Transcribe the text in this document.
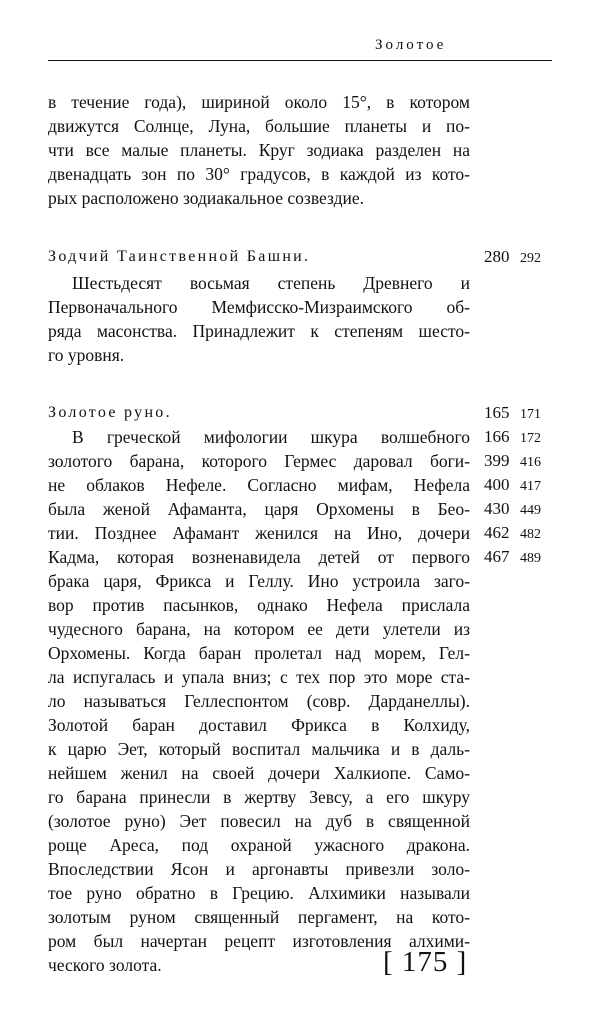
Золотое
в течение года), шириной около 15°, в котором
движутся Солнце, Луна, большие планеты и по-
чти все малые планеты. Круг зодиака разделен на
двенадцать зон по 30° градусов, в каждой из кото-
рых расположено зодиакальное созвездие.
Зодчий Таинственной Башни.	280 292
Шестьдесят восьмая степень Древнего и
Первоначального Мемфисско-Мизраимского об-
ряда масонства. Принадлежит к степеням шесто-
го уровня.
Золотое руно.	165 171
166 172
399 416
400 417
430 449
462 482
467 489
В греческой мифологии шкура волшебного
золотого барана, которого Гермес даровал боги-
не облаков Нефеле. Согласно мифам, Нефела
была женой Афаманта, царя Орхомены в Бео-
тии. Позднее Афамант женился на Ино, дочери
Кадма, которая возненавидела детей от первого
брака царя, Фрикса и Геллу. Ино устроила заго-
вор против пасынков, однако Нефела прислала
чудесного барана, на котором ее дети улетели из
Орхомены. Когда баран пролетал над морем, Гел-
ла испугалась и упала вниз; с тех пор это море ста-
ло называться Геллеспонтом (совр. Дарданеллы).
Золотой баран доставил Фрикса в Колхиду,
к царю Эет, который воспитал мальчика и в даль-
нейшем женил на своей дочери Халкиопе. Само-
го барана принесли в жертву Зевсу, а его шкуру
(золотое руно) Эет повесил на дуб в священной
роще Ареса, под охраной ужасного дракона.
Впоследствии Ясон и аргонавты привезли золо-
тое руно обратно в Грецию. Алхимики называли
золотым руном священный пергамент, на кото-
ром был начертан рецепт изготовления алхими-
ческого золота.	[ 175 ]
